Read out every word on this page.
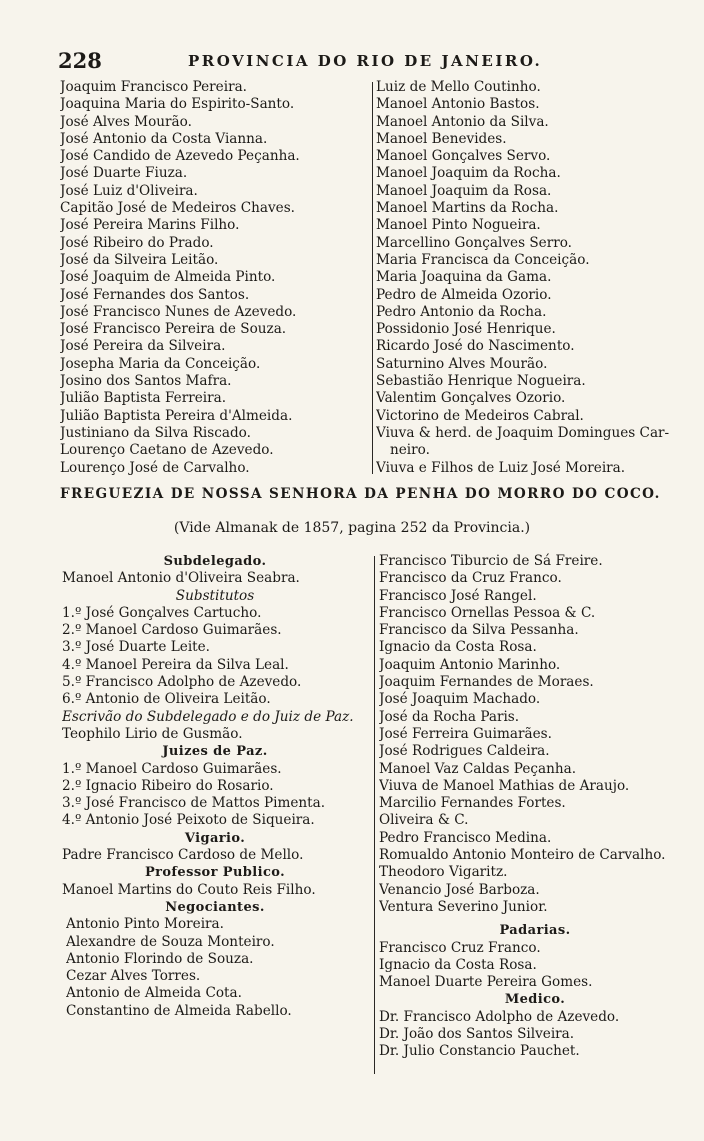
228	PROVINCIA DO RIO DE JANEIRO.
Joaquim Francisco Pereira.
Joaquina Maria do Espirito-Santo.
José Alves Mourão.
José Antonio da Costa Vianna.
José Candido de Azevedo Peçanha.
José Duarte Fiuza.
José Luiz d'Oliveira.
Capitão José de Medeiros Chaves.
José Pereira Marins Filho.
José Ribeiro do Prado.
José da Silveira Leitão.
José Joaquim de Almeida Pinto.
José Fernandes dos Santos.
José Francisco Nunes de Azevedo.
José Francisco Pereira de Souza.
José Pereira da Silveira.
Josepha Maria da Conceição.
Josino dos Santos Mafra.
Julião Baptista Ferreira.
Julião Baptista Pereira d'Almeida.
Justiniano da Silva Riscado.
Lourenço Caetano de Azevedo.
Lourenço José de Carvalho.
Luiz de Mello Coutinho.
Manoel Antonio Bastos.
Manoel Antonio da Silva.
Manoel Benevides.
Manoel Gonçalves Servo.
Manoel Joaquim da Rocha.
Manoel Joaquim da Rosa.
Manoel Martins da Rocha.
Manoel Pinto Nogueira.
Marcellino Gonçalves Serro.
Maria Francisca da Conceição.
Maria Joaquina da Gama.
Pedro de Almeida Ozorio.
Pedro Antonio da Rocha.
Possidonio José Henrique.
Ricardo José do Nascimento.
Saturnino Alves Mourão.
Sebastião Henrique Nogueira.
Valentim Gonçalves Ozorio.
Victorino de Medeiros Cabral.
Viuva & herd. de Joaquim Domingues Car-
neiro.
Viuva e Filhos de Luiz José Moreira.
FREGUEZIA DE NOSSA SENHORA DA PENHA DO MORRO DO COCO.
(Vide Almanak de 1857, pagina 252 da Provincia.)
Subdelegado.
Manoel Antonio d'Oliveira Seabra.
Substitutos
1.º José Gonçalves Cartucho.
2.º Manoel Cardoso Guimarães.
3.º José Duarte Leite.
4.º Manoel Pereira da Silva Leal.
5.º Francisco Adolpho de Azevedo.
6.º Antonio de Oliveira Leitão.
Escrivão do Subdelegado e do Juiz de Paz.
Teophilo Lirio de Gusmão.
Juizes de Paz.
1.º Manoel Cardoso Guimarães.
2.º Ignacio Ribeiro do Rosario.
3.º José Francisco de Mattos Pimenta.
4.º Antonio José Peixoto de Siqueira.
Vigario.
Padre Francisco Cardoso de Mello.
Professor Publico.
Manoel Martins do Couto Reis Filho.
Negociantes.
Antonio Pinto Moreira.
Alexandre de Souza Monteiro.
Antonio Florindo de Souza.
Cezar Alves Torres.
Antonio de Almeida Cota.
Constantino de Almeida Rabello.
Francisco Tiburcio de Sá Freire.
Francisco da Cruz Franco.
Francisco José Rangel.
Francisco Ornellas Pessoa & C.
Francisco da Silva Pessanha.
Ignacio da Costa Rosa.
Joaquim Antonio Marinho.
Joaquim Fernandes de Moraes.
José Joaquim Machado.
José da Rocha Paris.
José Ferreira Guimarães.
José Rodrigues Caldeira.
Manoel Vaz Caldas Peçanha.
Viuva de Manoel Mathias de Araujo.
Marcilio Fernandes Fortes.
Oliveira & C.
Pedro Francisco Medina.
Romualdo Antonio Monteiro de Carvalho.
Theodoro Vigaritz.
Venancio José Barboza.
Ventura Severino Junior.
Padarias.
Francisco Cruz Franco.
Ignacio da Costa Rosa.
Manoel Duarte Pereira Gomes.
Medico.
Dr. Francisco Adolpho de Azevedo.
Dr. João dos Santos Silveira.
Dr. Julio Constancio Pauchet.
